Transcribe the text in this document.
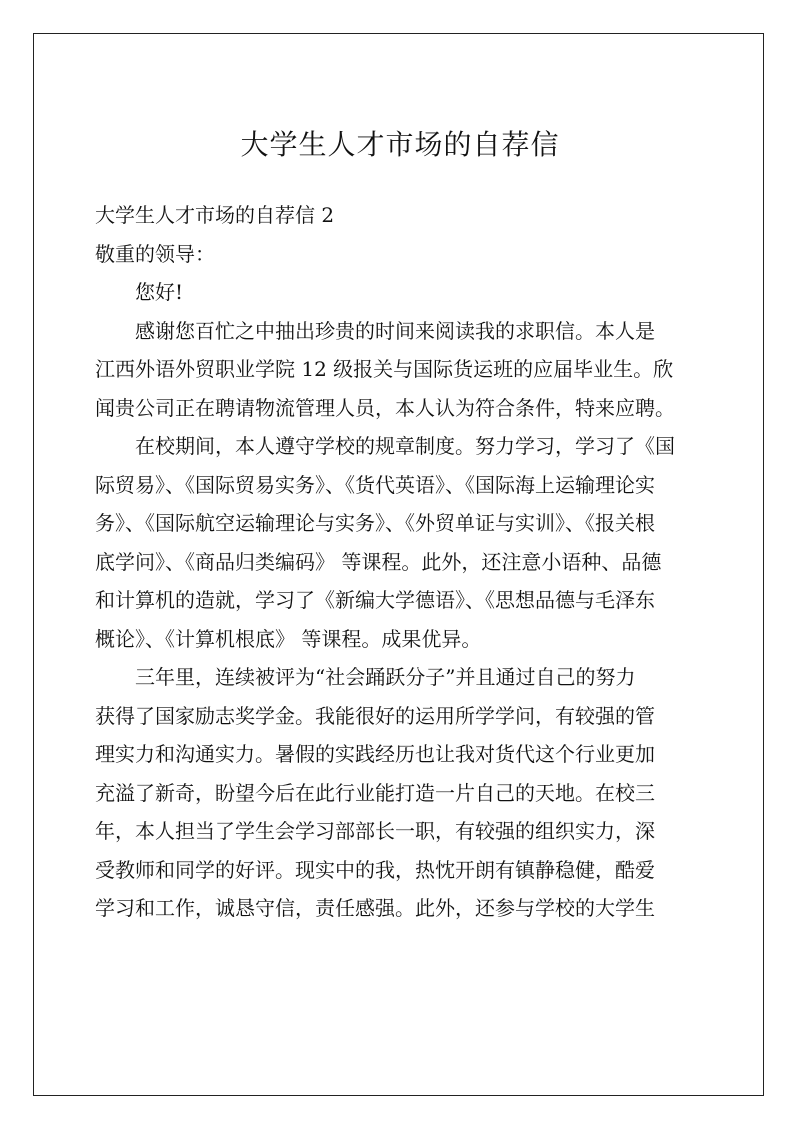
大学生人才市场的自荐信
大学生人才市场的自荐信 2
敬重的领导：
您好!
感谢您百忙之中抽出珍贵的时间来阅读我的求职信。本人是
江西外语外贸职业学院 12 级报关与国际货运班的应届毕业生。欣
闻贵公司正在聘请物流管理人员，本人认为符合条件，特来应聘。
在校期间，本人遵守学校的规章制度。努力学习，学习了《国
际贸易》、《国际贸易实务》、《货代英语》、《国际海上运输理论实
务》、《国际航空运输理论与实务》、《外贸单证与实训》、《报关根
底学问》、《商品归类编码》 等课程。此外，还注意小语种、品德
和计算机的造就，学习了《新编大学德语》、《思想品德与毛泽东
概论》、《计算机根底》 等课程。成果优异。
三年里，连续被评为“社会踊跃分子”并且通过自己的努力
获得了国家励志奖学金。我能很好的运用所学学问，有较强的管
理实力和沟通实力。暑假的实践经历也让我对货代这个行业更加
充溢了新奇，盼望今后在此行业能打造一片自己的天地。在校三
年，本人担当了学生会学习部部长一职，有较强的组织实力，深
受教师和同学的好评。现实中的我，热忱开朗有镇静稳健，酷爱
学习和工作，诚恳守信，责任感强。此外，还参与学校的大学生
